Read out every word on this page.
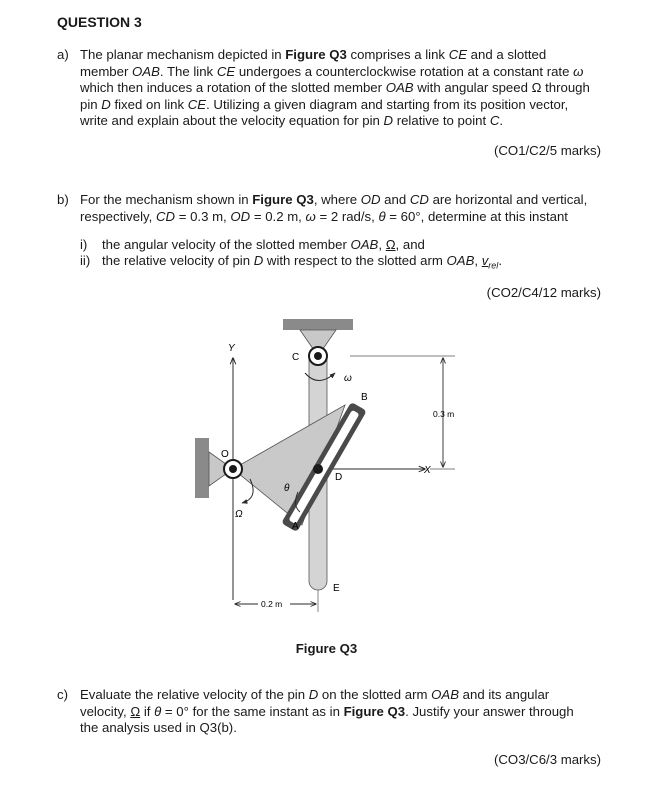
QUESTION 3
a) The planar mechanism depicted in Figure Q3 comprises a link CE and a slotted
member OAB. The link CE undergoes a counterclockwise rotation at a constant rate ω
which then induces a rotation of the slotted member OAB with angular speed Ω through
pin D fixed on link CE. Utilizing a given diagram and starting from its position vector,
write and explain about the velocity equation for pin D relative to point C.
(CO1/C2/5 marks)
b) For the mechanism shown in Figure Q3, where OD and CD are horizontal and vertical,
respectively, CD = 0.3 m, OD = 0.2 m, ω = 2 rad/s, θ = 60°, determine at this instant
i) the angular velocity of the slotted member OAB, Ω, and
ii) the relative velocity of pin D with respect to the slotted arm OAB, $v_{rel}$.
(CO2/C4/12 marks)
Y
X
C
O
B
D
A
E
ω
Ω
θ
0.3 m
0.2 m
Figure Q3
c) Evaluate the relative velocity of the pin D on the slotted arm OAB and its angular
velocity, Ω if θ = 0° for the same instant as in Figure Q3. Justify your answer through
the analysis used in Q3(b).
(CO3/C6/3 marks)
